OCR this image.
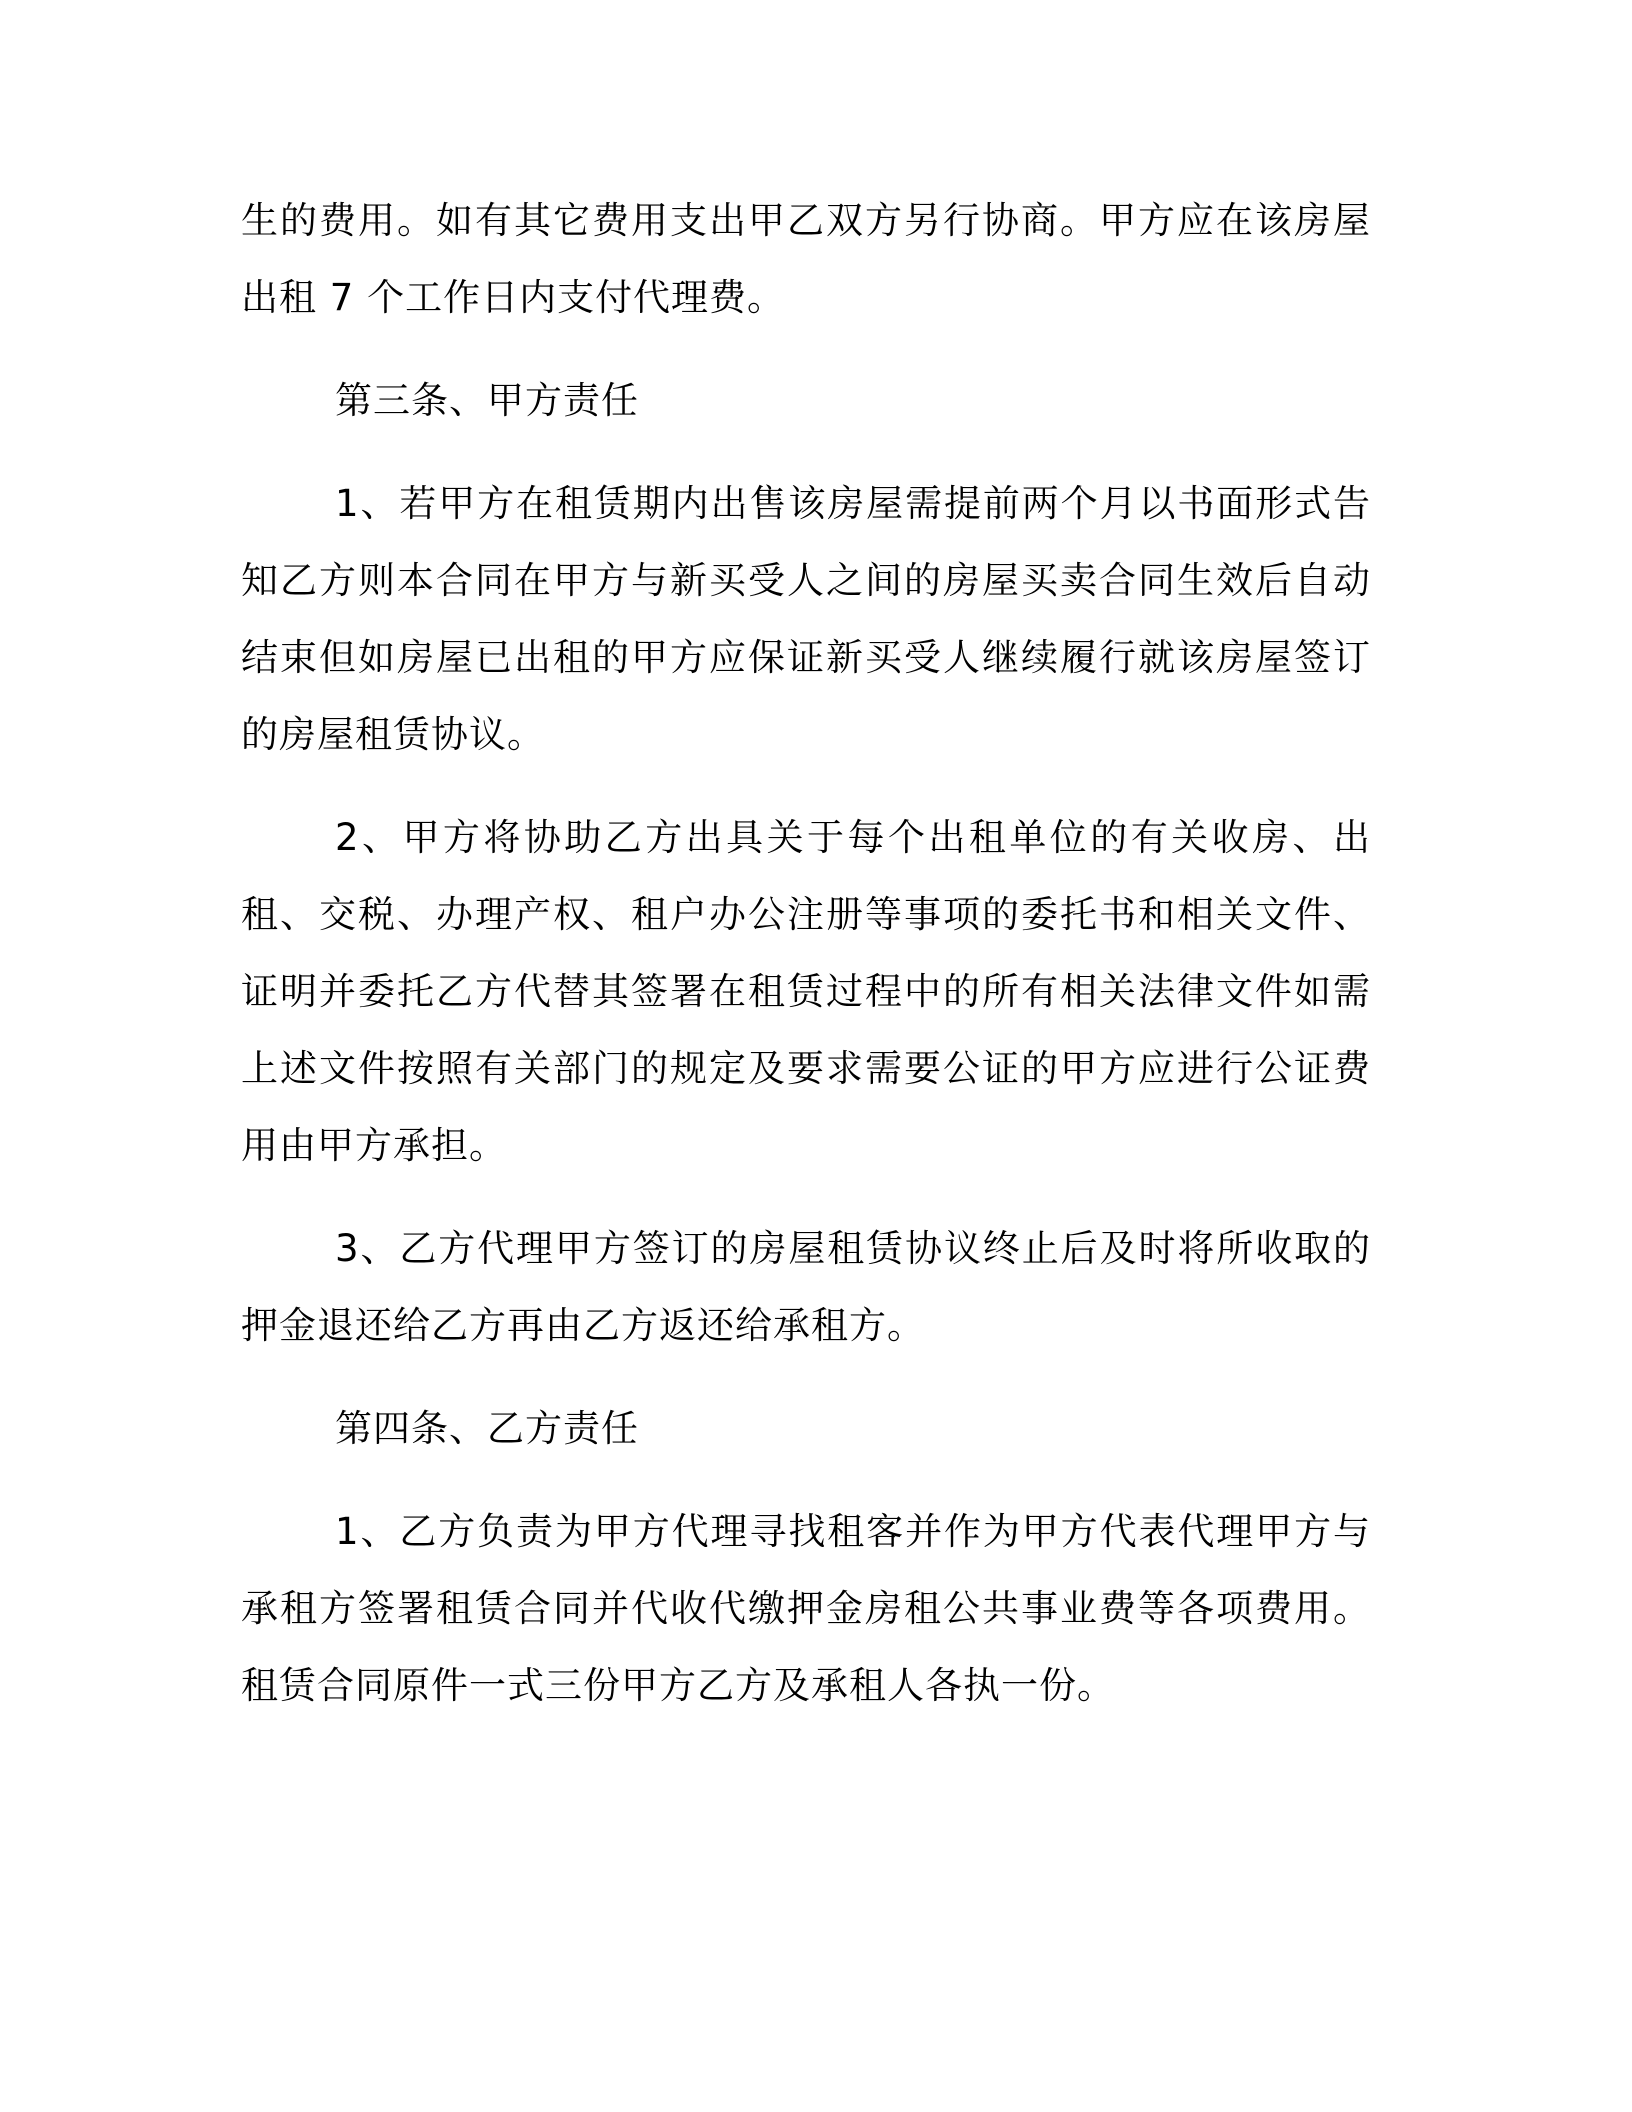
生的费用。如有其它费用支出甲乙双方另行协商。甲方应在该房屋出租 7 个工作日内支付代理费。

第三条、甲方责任

1、若甲方在租赁期内出售该房屋需提前两个月以书面形式告知乙方则本合同在甲方与新买受人之间的房屋买卖合同生效后自动结束但如房屋已出租的甲方应保证新买受人继续履行就该房屋签订的房屋租赁协议。

2、甲方将协助乙方出具关于每个出租单位的有关收房、出租、交税、办理产权、租户办公注册等事项的委托书和相关文件、证明并委托乙方代替其签署在租赁过程中的所有相关法律文件如需上述文件按照有关部门的规定及要求需要公证的甲方应进行公证费用由甲方承担。

3、乙方代理甲方签订的房屋租赁协议终止后及时将所收取的押金退还给乙方再由乙方返还给承租方。

第四条、乙方责任

1、乙方负责为甲方代理寻找租客并作为甲方代表代理甲方与承租方签署租赁合同并代收代缴押金房租公共事业费等各项费用。租赁合同原件一式三份甲方乙方及承租人各执一份。
